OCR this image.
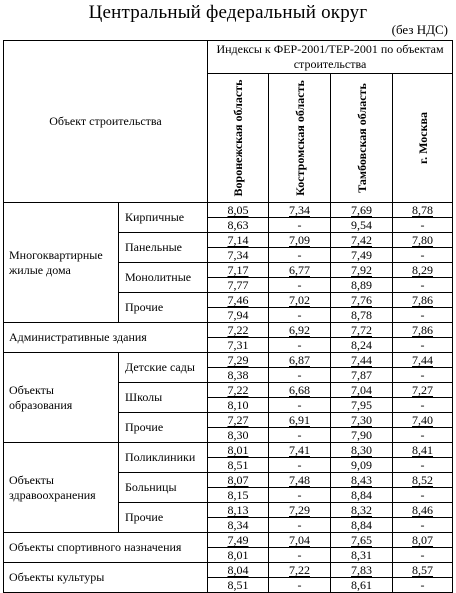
Центральный федеральный округ
(без НДС)
Объект строительства		Индексы к ФЕР-2001/ТЕР-2001 по объектам строительства			

		Воронежская область	Костромская область	Тамбовская область	г. Москва

Многоквартирные жилые дома	Кирпичные	8,05	7,34	7,69	8,78
		8,63	-	9,54	-
	Панельные	7,14	7,09	7,42	7,80
		7,34	-	7,49	-
	Монолитные	7,17	6,77	7,92	8,29
		7,77	-	8,89	-
	Прочие	7,46	7,02	7,76	7,86
		7,94	-	8,78	-
Административные здания		7,22	6,92	7,72	7,86
		7,31	-	8,24	-
Объекты образования	Детские сады	7,29	6,87	7,44	7,44
		8,38	-	7,87	-
	Школы	7,22	6,68	7,04	7,27
		8,10	-	7,95	-
	Прочие	7,27	6,91	7,30	7,40
		8,30	-	7,90	-
Объекты здравоохранения	Поликлиники	8,01	7,41	8,30	8,41
		8,51	-	9,09	-
	Больницы	8,07	7,48	8,43	8,52
		8,15	-	8,84	-
	Прочие	8,13	7,29	8,32	8,46
		8,34	-	8,84	-
Объекты спортивного назначения		7,49	7,04	7,65	8,07
		8,01	-	8,31	-
Объекты культуры		8,04	7,22	7,83	8,57
		8,51	-	8,61	-
